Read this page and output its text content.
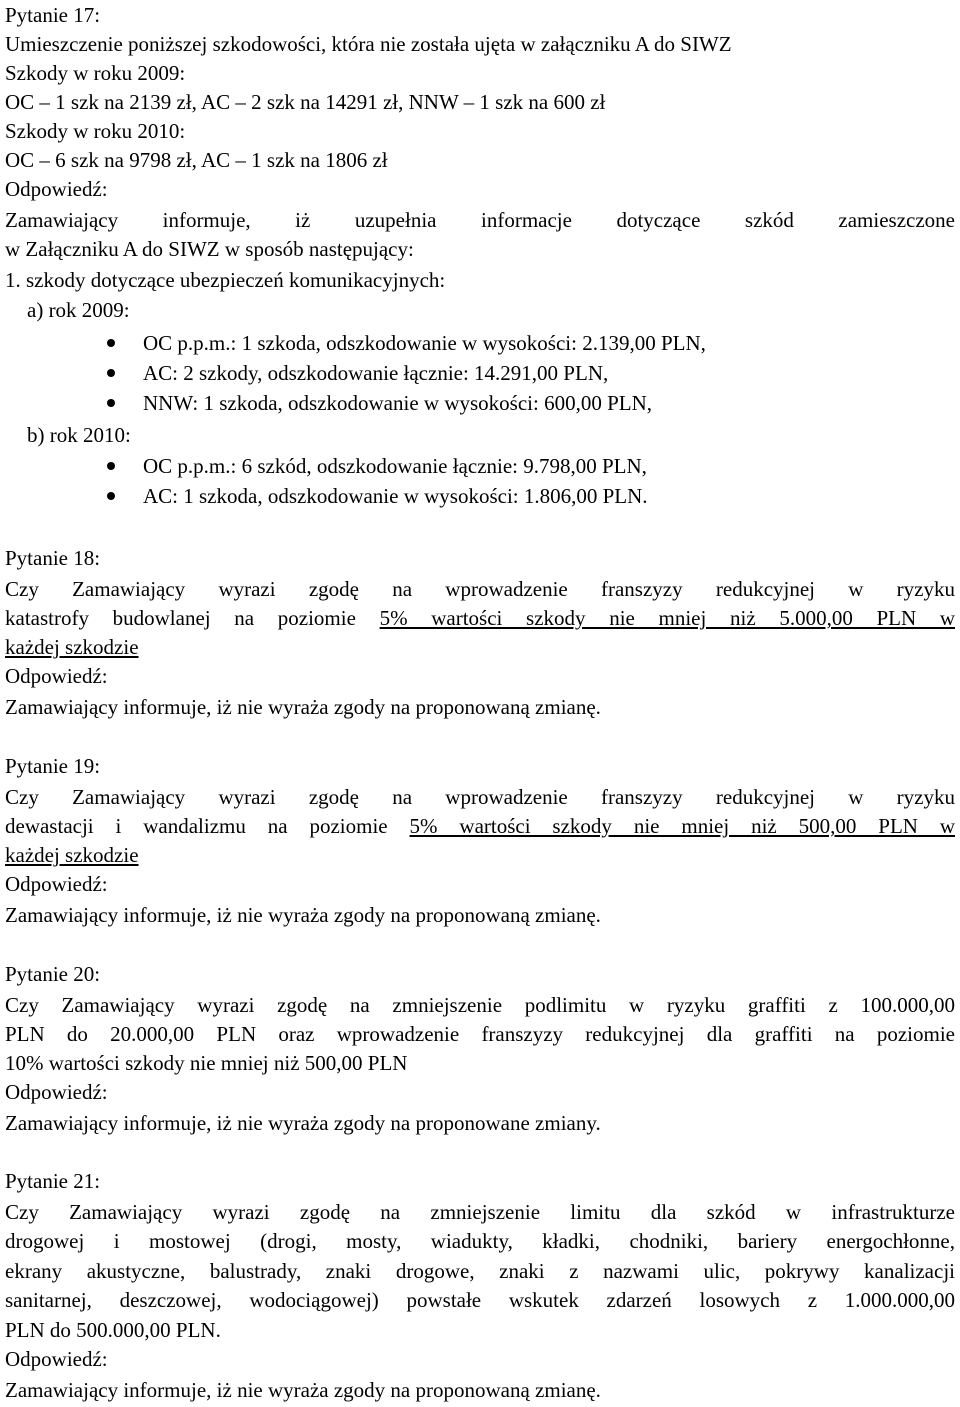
Pytanie 17:
Umieszczenie poniższej szkodowości, która nie została ujęta w załączniku A do SIWZ
Szkody w roku 2009:
OC – 1 szk na 2139 zł, AC – 2 szk na 14291 zł, NNW – 1 szk na 600 zł
Szkody w roku 2010:
OC – 6 szk na 9798 zł, AC – 1 szk na 1806 zł
Odpowiedź:
Zamawiający informuje, iż uzupełnia informacje dotyczące szkód zamieszczone
w Załączniku A do SIWZ w sposób następujący:
1. szkody dotyczące ubezpieczeń komunikacyjnych:
a) rok 2009:
OC p.p.m.: 1 szkoda, odszkodowanie w wysokości: 2.139,00 PLN,
AC: 2 szkody, odszkodowanie łącznie: 14.291,00 PLN,
NNW: 1 szkoda, odszkodowanie w wysokości: 600,00 PLN,
b) rok 2010:
OC p.p.m.: 6 szkód, odszkodowanie łącznie: 9.798,00 PLN,
AC: 1 szkoda, odszkodowanie w wysokości: 1.806,00 PLN.
Pytanie 18:
Czy Zamawiający wyrazi zgodę na wprowadzenie franszyzy redukcyjnej w ryzyku
katastrofy budowlanej na poziomie 5% wartości szkody nie mniej niż 5.000,00 PLN w
każdej szkodzie
Odpowiedź:
Zamawiający informuje, iż nie wyraża zgody na proponowaną zmianę.
Pytanie 19:
Czy Zamawiający wyrazi zgodę na wprowadzenie franszyzy redukcyjnej w ryzyku
dewastacji i wandalizmu na poziomie 5% wartości szkody nie mniej niż 500,00 PLN w
każdej szkodzie
Odpowiedź:
Zamawiający informuje, iż nie wyraża zgody na proponowaną zmianę.
Pytanie 20:
Czy Zamawiający wyrazi zgodę na zmniejszenie podlimitu w ryzyku graffiti z 100.000,00
PLN do 20.000,00 PLN oraz wprowadzenie franszyzy redukcyjnej dla graffiti na poziomie
10% wartości szkody nie mniej niż 500,00 PLN
Odpowiedź:
Zamawiający informuje, iż nie wyraża zgody na proponowane zmiany.
Pytanie 21:
Czy Zamawiający wyrazi zgodę na zmniejszenie limitu dla szkód w infrastrukturze
drogowej i mostowej (drogi, mosty, wiadukty, kładki, chodniki, bariery energochłonne,
ekrany akustyczne, balustrady, znaki drogowe, znaki z nazwami ulic, pokrywy kanalizacji
sanitarnej, deszczowej, wodociągowej) powstałe wskutek zdarzeń losowych z 1.000.000,00
PLN do 500.000,00 PLN.
Odpowiedź:
Zamawiający informuje, iż nie wyraża zgody na proponowaną zmianę.
